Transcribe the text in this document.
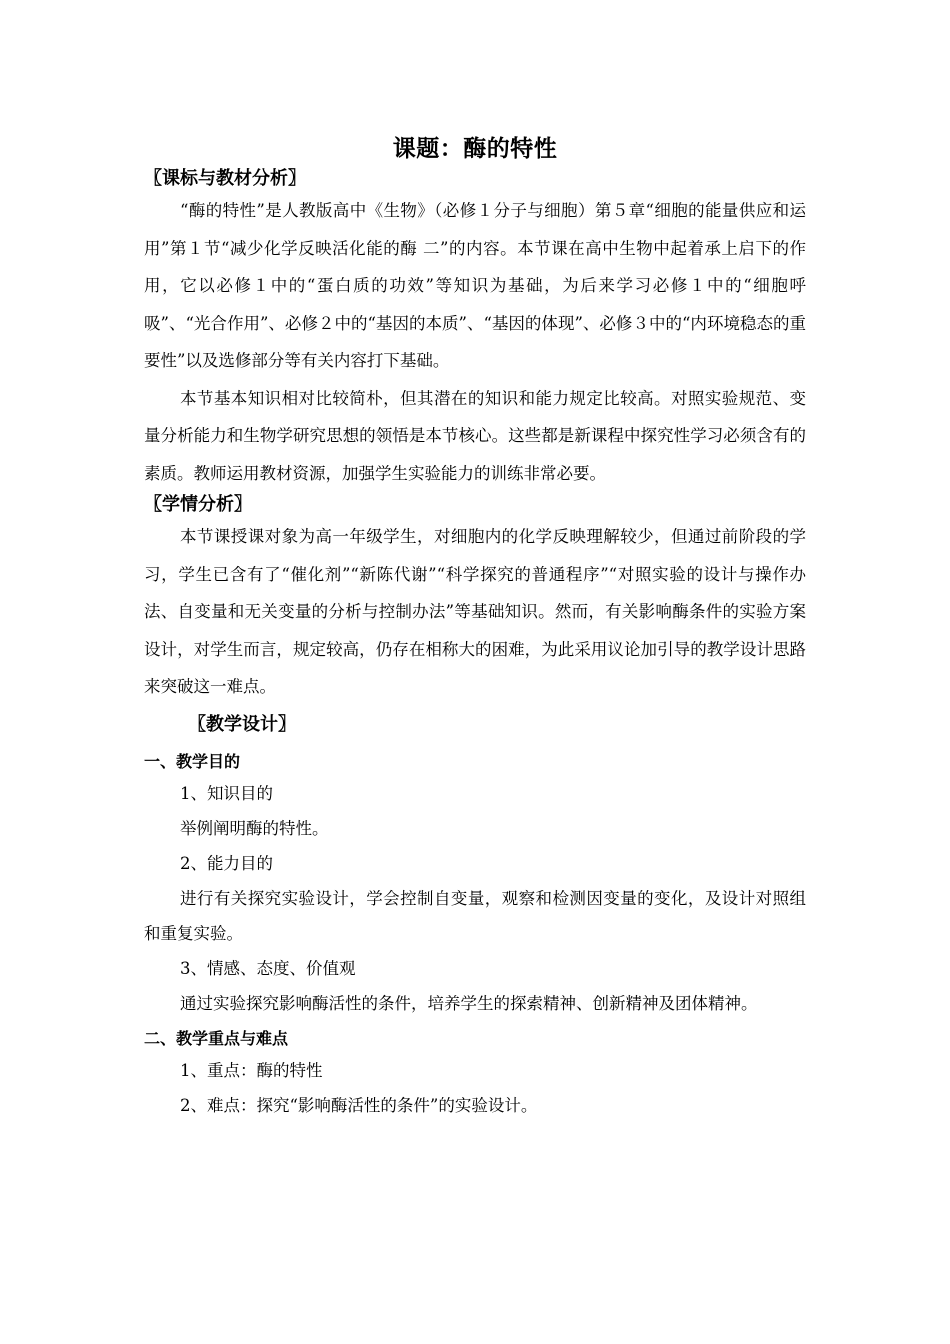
课题：酶的特性
〖课标与教材分析〗

“酶的特性”是人教版高中《生物》（必修１分子与细胞）第５章“细胞的能量供应和运用”第１节“减少化学反映活化能的酶 二”的内容。本节课在高中生物中起着承上启下的作用，它以必修１中的“蛋白质的功效”等知识为基础，为后来学习必修１中的“细胞呼吸”、“光合作用”、必修２中的“基因的本质”、“基因的体现”、必修３中的“内环境稳态的重要性”以及选修部分等有关内容打下基础。

本节基本知识相对比较简朴，但其潜在的知识和能力规定比较高。对照实验规范、变量分析能力和生物学研究思想的领悟是本节核心。这些都是新课程中探究性学习必须含有的素质。教师运用教材资源，加强学生实验能力的训练非常必要。

〖学情分析〗

本节课授课对象为高一年级学生，对细胞内的化学反映理解较少，但通过前阶段的学习，学生已含有了“催化剂”“新陈代谢”“科学探究的普通程序”“对照实验的设计与操作办法、自变量和无关变量的分析与控制办法”等基础知识。然而，有关影响酶条件的实验方案设计，对学生而言，规定较高，仍存在相称大的困难，为此采用议论加引导的教学设计思路来突破这一难点。

〖教学设计〗
一、教学目的

1、知识目的

举例阐明酶的特性。

2、能力目的

进行有关探究实验设计，学会控制自变量，观察和检测因变量的变化，及设计对照组和重复实验。

3、情感、态度、价值观

通过实验探究影响酶活性的条件，培养学生的探索精神、创新精神及团体精神。

二、教学重点与难点

1、重点：酶的特性

2、难点：探究“影响酶活性的条件”的实验设计。
